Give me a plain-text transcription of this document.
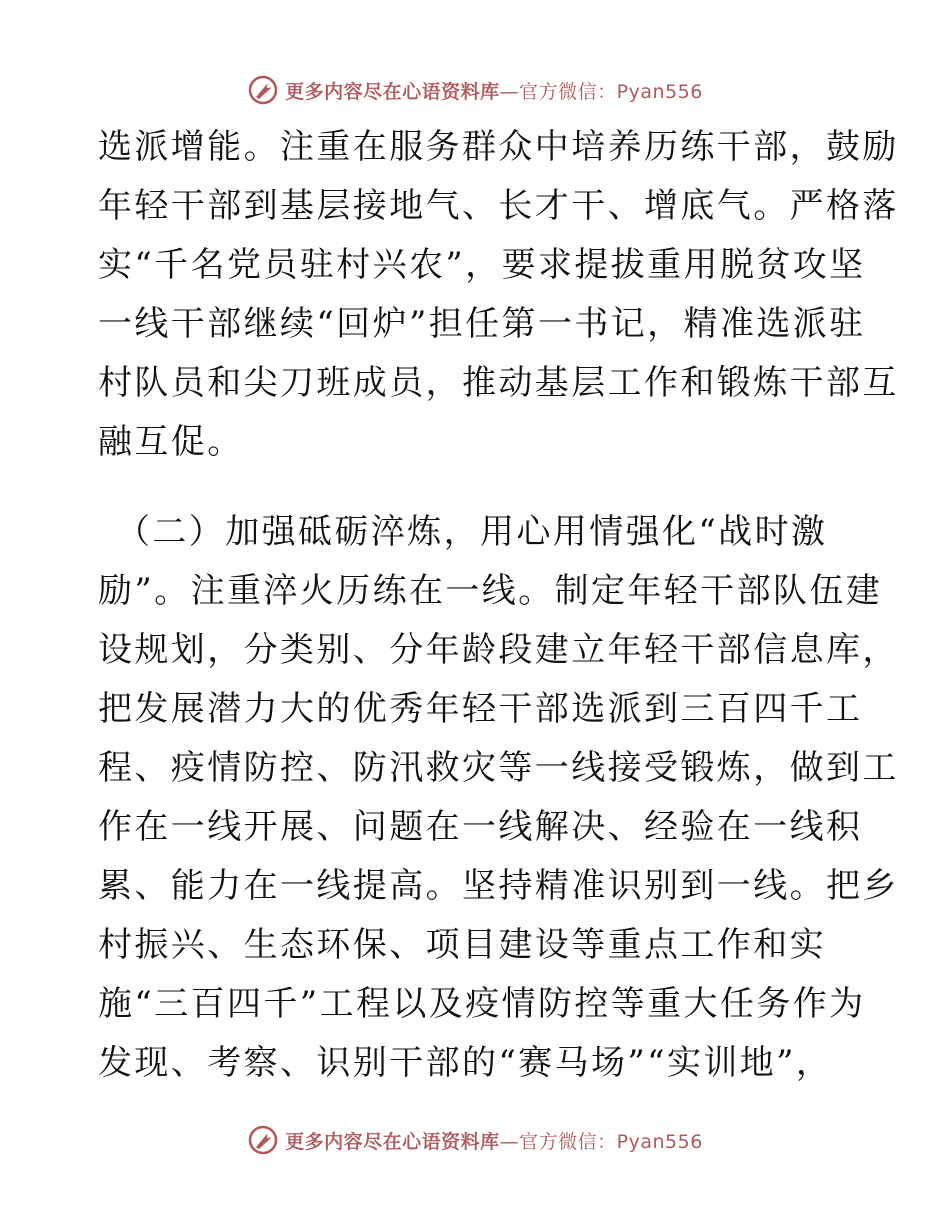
更多内容尽在心语资料库—官方微信：Pyan556
选派增能。注重在服务群众中培养历练干部，鼓励
年轻干部到基层接地气、长才干、增底气。严格落
实“千名党员驻村兴农”，要求提拔重用脱贫攻坚
一线干部继续“回炉”担任第一书记，精准选派驻
村队员和尖刀班成员，推动基层工作和锻炼干部互
融互促。
（二）加强砥砺淬炼，用心用情强化“战时激
励”。注重淬火历练在一线。制定年轻干部队伍建
设规划，分类别、分年龄段建立年轻干部信息库，
把发展潜力大的优秀年轻干部选派到三百四千工
程、疫情防控、防汛救灾等一线接受锻炼，做到工
作在一线开展、问题在一线解决、经验在一线积
累、能力在一线提高。坚持精准识别到一线。把乡
村振兴、生态环保、项目建设等重点工作和实
施“三百四千”工程以及疫情防控等重大任务作为
发现、考察、识别干部的“赛马场”“实训地”，
更多内容尽在心语资料库—官方微信：Pyan556
